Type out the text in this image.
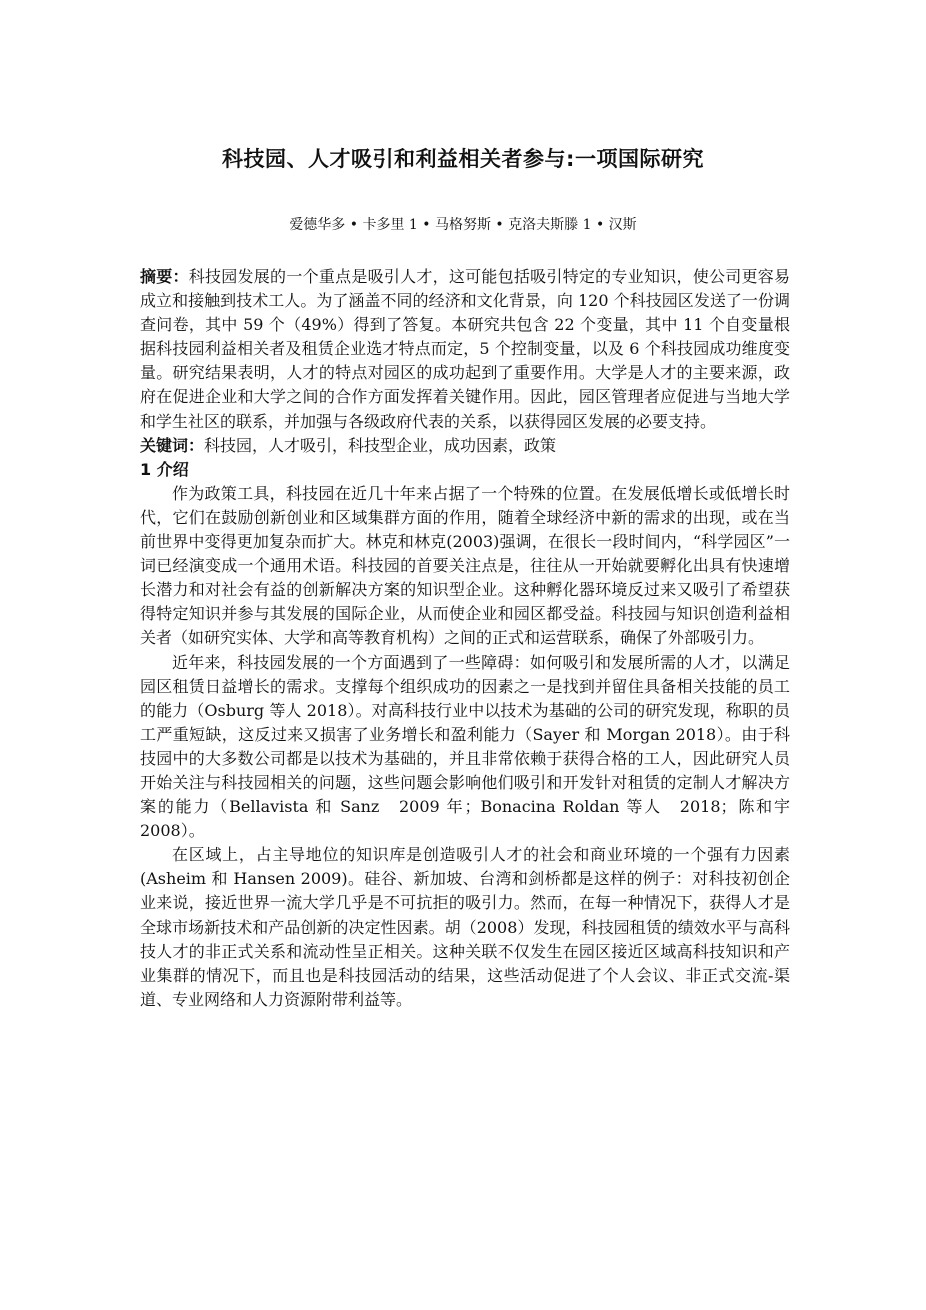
科技园、人才吸引和利益相关者参与:一项国际研究
爱德华多 • 卡多里 1 • 马格努斯 • 克洛夫斯滕 1 • 汉斯

摘要：科技园发展的一个重点是吸引人才，这可能包括吸引特定的专业知识，使公司更容易成立和接触到技术工人。为了涵盖不同的经济和文化背景，向 120 个科技园区发送了一份调查问卷，其中 59 个（49%）得到了答复。本研究共包含 22 个变量，其中 11 个自变量根据科技园利益相关者及租赁企业选才特点而定，5 个控制变量，以及 6 个科技园成功维度变量。研究结果表明，人才的特点对园区的成功起到了重要作用。大学是人才的主要来源，政府在促进企业和大学之间的合作方面发挥着关键作用。因此，园区管理者应促进与当地大学和学生社区的联系，并加强与各级政府代表的关系，以获得园区发展的必要支持。

关键词：科技园，人才吸引，科技型企业，成功因素，政策

1 介绍

作为政策工具，科技园在近几十年来占据了一个特殊的位置。在发展低增长或低增长时代，它们在鼓励创新创业和区域集群方面的作用，随着全球经济中新的需求的出现，或在当前世界中变得更加复杂而扩大。林克和林克(2003)强调，在很长一段时间内，“科学园区”一词已经演变成一个通用术语。科技园的首要关注点是，往往从一开始就要孵化出具有快速增长潜力和对社会有益的创新解决方案的知识型企业。这种孵化器环境反过来又吸引了希望获得特定知识并参与其发展的国际企业，从而使企业和园区都受益。科技园与知识创造利益相关者（如研究实体、大学和高等教育机构）之间的正式和运营联系，确保了外部吸引力。

近年来，科技园发展的一个方面遇到了一些障碍：如何吸引和发展所需的人才，以满足园区租赁日益增长的需求。支撑每个组织成功的因素之一是找到并留住具备相关技能的员工的能力（Osburg 等人 2018）。对高科技行业中以技术为基础的公司的研究发现，称职的员工严重短缺，这反过来又损害了业务增长和盈利能力（Sayer 和 Morgan 2018）。由于科技园中的大多数公司都是以技术为基础的，并且非常依赖于获得合格的工人，因此研究人员开始关注与科技园相关的问题，这些问题会影响他们吸引和开发针对租赁的定制人才解决方案的能力（Bellavista 和 Sanz　2009 年；Bonacina Roldan 等人　2018；陈和宇 2008）。

在区域上，占主导地位的知识库是创造吸引人才的社会和商业环境的一个强有力因素(Asheim 和 Hansen 2009)。硅谷、新加坡、台湾和剑桥都是这样的例子：对科技初创企业来说，接近世界一流大学几乎是不可抗拒的吸引力。然而，在每一种情况下，获得人才是全球市场新技术和产品创新的决定性因素。胡（2008）发现，科技园租赁的绩效水平与高科技人才的非正式关系和流动性呈正相关。这种关联不仅发生在园区接近区域高科技知识和产业集群的情况下，而且也是科技园活动的结果，这些活动促进了个人会议、非正式交流-渠道、专业网络和人力资源附带利益等。
